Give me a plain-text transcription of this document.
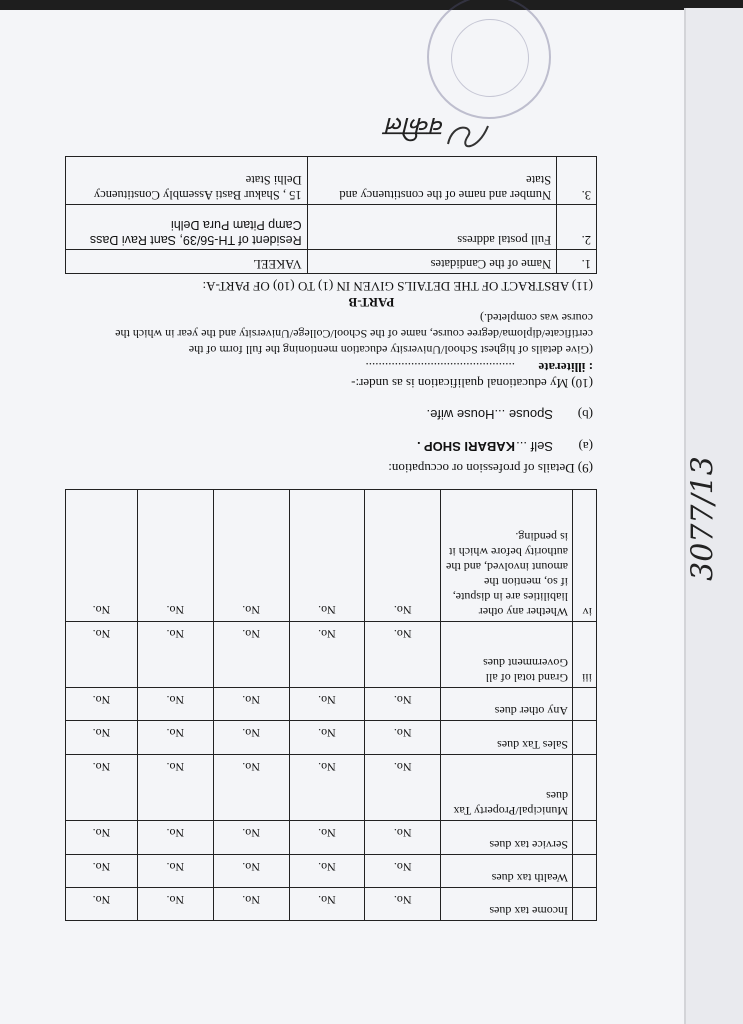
	Income tax dues	No.	No.	No.	No.	No.
	Wealth tax dues	No.	No.	No.	No.	No.
	Service tax dues	No.	No.	No.	No.	No.
	Municipal/Property Tax dues	No.	No.	No.	No.	No.
	Sales Tax dues	No.	No.	No.	No.	No.
	Any other dues	No.	No.	No.	No.	No.
iii	Grand total of all Government dues	No.	No.	No.	No.	No.
iv	Whether any other liabilities are in dispute, if so, mention the amount involved, and the authority before which it is pending.	No.	No.	No.	No.	No.
(9) Details of profession or occupation:
(a)
Self ...
KABARI SHOP .
(b)
Spouse ...House wife.
(10) My educational qualification is as under:-
: illiterate
..............................................
(Give details of highest School/University education mentioning the full form of the certificate/diploma/degree course, name of the School/College/University and the year in which the course was completed.)
PART-B
(11) ABSTRACT OF THE DETAILS GIVEN IN (1) TO (10) OF PART-A:
1.	Name of the Candidates	VAKEEL
2.	Full postal address	Resident of TH-56/39, Sant Ravi Dass Camp Pitam Pura Delhi
3.	Number and name of the constituency and State	15 , Shakur Basti Assembly Constituency Delhi State
वकील
3077/13
